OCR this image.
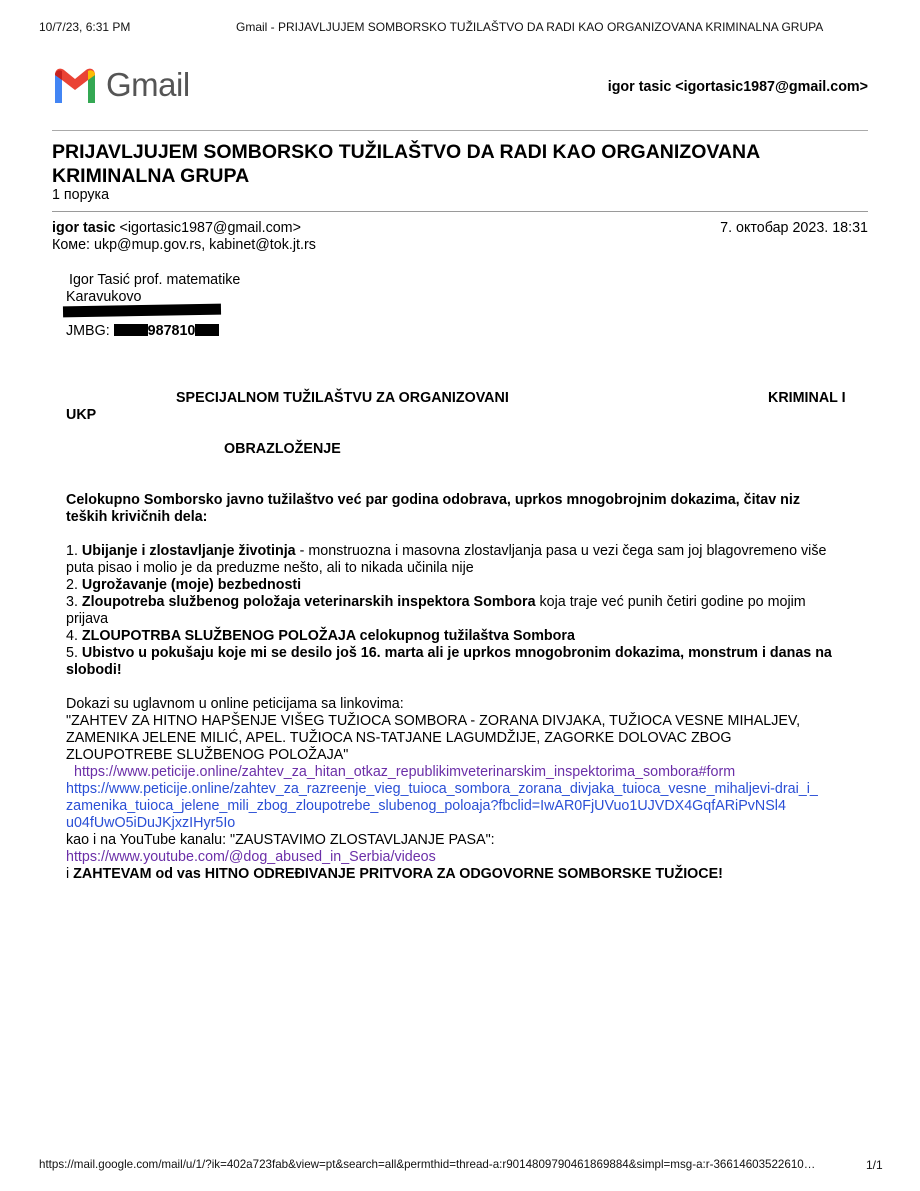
10/7/23, 6:31 PM	Gmail - PRIJAVLJUJEM SOMBORSKO TUŽILAŠTVO DA RADI KAO ORGANIZOVANA KRIMINALNA GRUPA
Gmail	igor tasic <igortasic1987@gmail.com>
PRIJAVLJUJEM SOMBORSKO TUŽILAŠTVO DA RADI KAO ORGANIZOVANA KRIMINALNA GRUPA
1 порука
igor tasic <igortasic1987@gmail.com>	7. октобар 2023. 18:31
Коме: ukp@mup.gov.rs, kabinet@tok.jt.rs
Igor Tasić prof. matematike
Karavukovo
JMBG: 987810
SPECIJALNOM TUŽILAŠTVU ZA ORGANIZOVANI	KRIMINAL I
UKP
OBRAZLOŽENJE
Celokupno Somborsko javno tužilaštvo već par godina odobrava, uprkos mnogobrojnim dokazima, čitav niz
teških krivičnih dela:
1. Ubijanje i zlostavljanje životinja - monstruozna i masovna zlostavljanja pasa u vezi čega sam joj blagovremeno više
puta pisao i molio je da preduzme nešto, ali to nikada učinila nije
2. Ugrožavanje (moje) bezbednosti
3. Zloupotreba službenog položaja veterinarskih inspektora Sombora koja traje već punih četiri godine po mojim
prijava
4. ZLOUPOTRBA SLUŽBENOG POLOŽAJA celokupnog tužilaštva Sombora
5. Ubistvo u pokušaju koje mi se desilo još 16. marta ali je uprkos mnogobronim dokazima, monstrum i danas na
slobodi!
Dokazi su uglavnom u online peticijama sa linkovima:
"ZAHTEV ZA HITNO HAPŠENJE VIŠEG TUŽIOCA SOMBORA - ZORANA DIVJAKA, TUŽIOCA VESNE MIHALJEV,
ZAMENIKA JELENE MILIĆ, APEL. TUŽIOCA NS-TATJANE LAGUMDŽIJE, ZAGORKE DOLOVAC ZBOG
ZLOUPOTREBE SLUŽBENOG POLOŽAJA"
https://www.peticije.online/zahtev_za_hitan_otkaz_republikimveterinarskim_inspektorima_sombora#form
https://www.peticije.online/zahtev_za_razreenje_vieg_tuioca_sombora_zorana_divjaka_tuioca_vesne_mihaljevi-drai_i_
zamenika_tuioca_jelene_mili_zbog_zloupotrebe_slubenog_poloaja?fbclid=IwAR0FjUVuo1UJVDX4GqfARiPvNSl4
u04fUwO5iDuJKjxzIHyr5Io
kao i na YouTube kanalu: "ZAUSTAVIMO ZLOSTAVLJANJE PASA":
https://www.youtube.com/@dog_abused_in_Serbia/videos
i ZAHTEVAM od vas HITNO ODREĐIVANJE PRITVORA ZA ODGOVORNE SOMBORSKE TUŽIOCE!
https://mail.google.com/mail/u/1/?ik=402a723fab&view=pt&search=all&permthid=thread-a:r9014809790461869884&simpl=msg-a:r-36614603522610…	1/1
